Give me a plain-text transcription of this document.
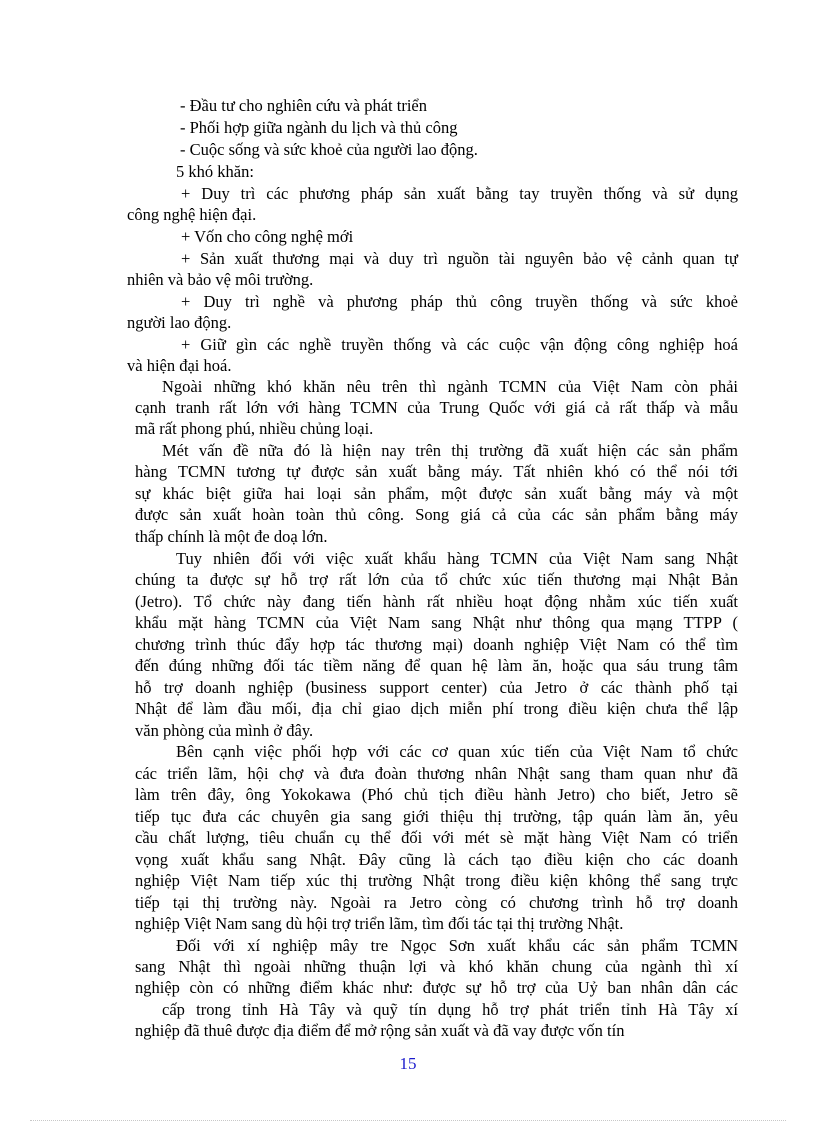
- Đầu tư cho nghiên cứu và phát triển
- Phối hợp giữa ngành du lịch và thủ công
- Cuộc sống và sức khoẻ của người lao động.
5 khó khăn:
+ Duy trì các phương pháp sản xuất bằng tay truyền thống và sử dụng
công nghệ hiện đại.
+ Vốn cho công nghệ mới
+ Sản xuất thương mại và duy trì nguồn tài nguyên bảo vệ cảnh quan tự
nhiên và bảo vệ môi trường.
+ Duy trì nghề và phương pháp thủ công truyền thống và sức khoẻ
người lao động.
+ Giữ gìn các nghề truyền thống và các cuộc vận động công nghiệp hoá
và hiện đại hoá.
Ngoài những khó khăn nêu trên thì ngành TCMN của Việt Nam còn phải
cạnh tranh rất lớn với hàng TCMN của Trung Quốc với giá cả rất thấp và mẫu
mã rất phong phú, nhiều chủng loại.
Mét vấn đề nữa đó là hiện nay trên thị trường đã xuất hiện các sản phẩm
hàng TCMN tương tự được sản xuất bằng máy. Tất nhiên khó có thể nói tới
sự khác biệt giữa hai loại sản phẩm, một được sản xuất bằng máy và một
được sản xuất hoàn toàn thủ công. Song giá cả của các sản phẩm bằng máy
thấp chính là một đe doạ lớn.
Tuy nhiên đối với việc xuất khẩu hàng TCMN của Việt Nam sang Nhật
chúng ta được sự hỗ trợ rất lớn của tổ chức xúc tiến thương mại Nhật Bản
(Jetro). Tổ chức này đang tiến hành rất nhiều hoạt động nhằm xúc tiến xuất
khẩu mặt hàng TCMN của Việt Nam sang Nhật như thông qua mạng TTPP (
chương trình thúc đẩy hợp tác thương mại) doanh nghiệp Việt Nam có thể tìm
đến đúng những đối tác tiềm năng để quan hệ làm ăn, hoặc qua sáu trung tâm
hỗ trợ doanh nghiệp (business support center) của Jetro ở các thành phố tại
Nhật để làm đầu mối, địa chỉ giao dịch miễn phí trong điều kiện chưa thể lập
văn phòng của mình ở đây.
Bên cạnh việc phối hợp với các cơ quan xúc tiến của Việt Nam tổ chức
các triển lãm, hội chợ và đưa đoàn thương nhân Nhật sang tham quan như đã
làm trên đây, ông Yokokawa (Phó chủ tịch điều hành Jetro) cho biết, Jetro sẽ
tiếp tục đưa các chuyên gia sang giới thiệu thị trường, tập quán làm ăn, yêu
cầu chất lượng, tiêu chuẩn cụ thể đối với mét sè mặt hàng Việt Nam có triển
vọng xuất khẩu sang Nhật. Đây cũng là cách tạo điều kiện cho các doanh
nghiệp Việt Nam tiếp xúc thị trường Nhật trong điều kiện không thể sang trực
tiếp tại thị trường này. Ngoài ra Jetro còng có chương trình hỗ trợ doanh
nghiệp Việt Nam sang dù hội trợ triển lãm, tìm đối tác tại thị trường Nhật.
Đối với xí nghiệp mây tre Ngọc Sơn xuất khẩu các sản phẩm TCMN
sang Nhật thì ngoài những thuận lợi và khó khăn chung của ngành thì xí
nghiệp còn có những điểm khác như: được sự hỗ trợ của Uỷ ban nhân dân các
cấp trong tỉnh Hà Tây và quỹ tín dụng hỗ trợ phát triển tỉnh Hà Tây xí
nghiệp đã thuê được địa điểm để mở rộng sản xuất và đã vay được vốn tín
15
